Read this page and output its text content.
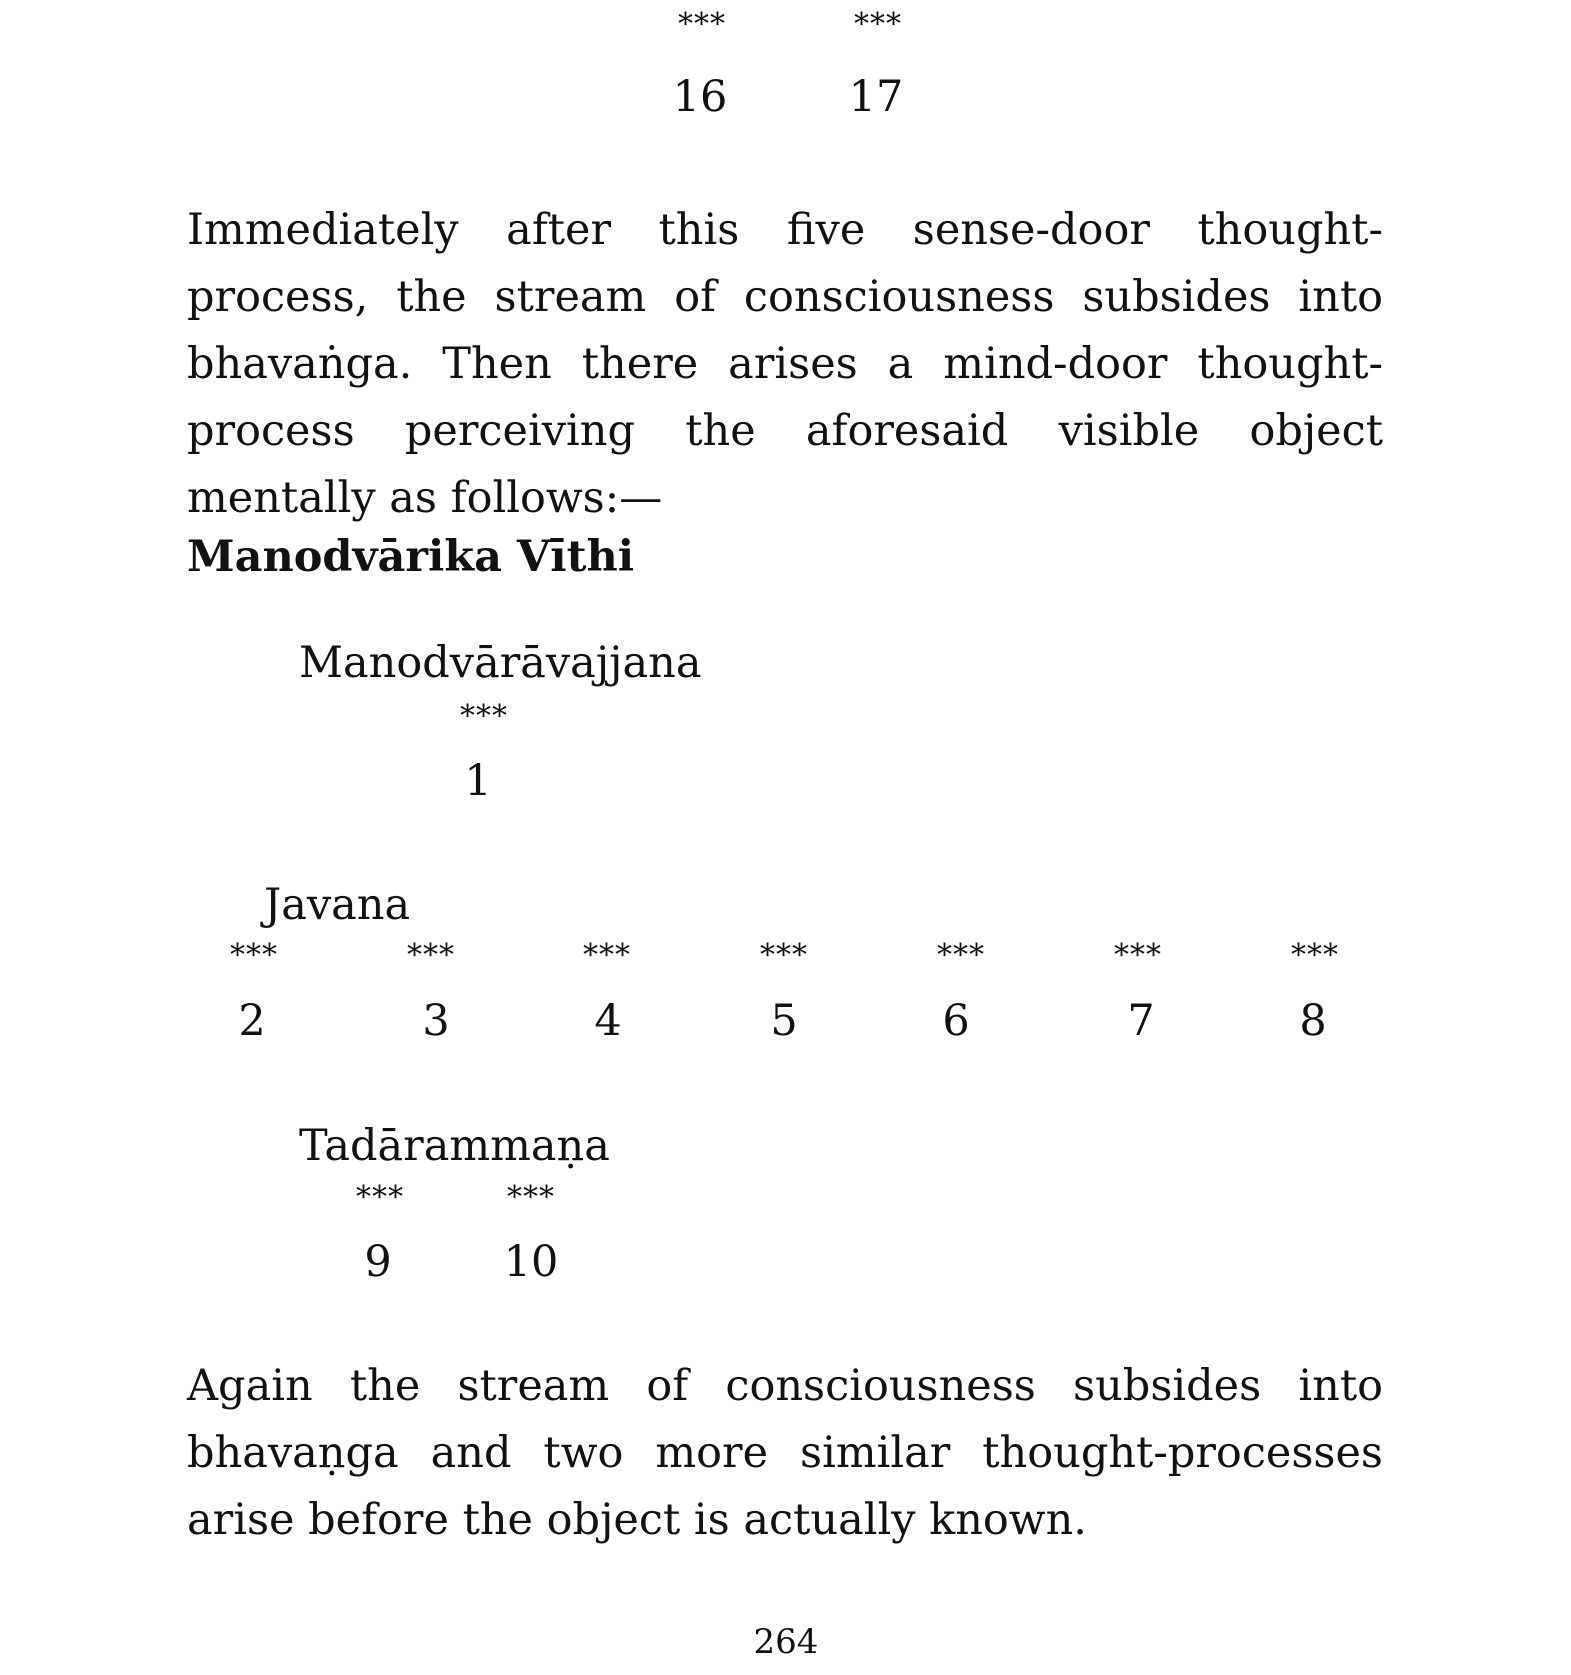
***	***
16	17

Immediately after this five sense-door thought-process, the stream of consciousness subsides into bhavaṅga. Then there arises a mind-door thought-process perceiving the aforesaid visible object mentally as follows:—

Manodvārika Vīthi
Manodvārāvajjana
***
1
Javana
***	***	***	***	***	***	***
2	3	4	5	6	7	8
Tadārammaṇa
***	***
9	10

Again the stream of consciousness subsides into bhavaṇga and two more similar thought-processes arise before the object is actually known.

264
